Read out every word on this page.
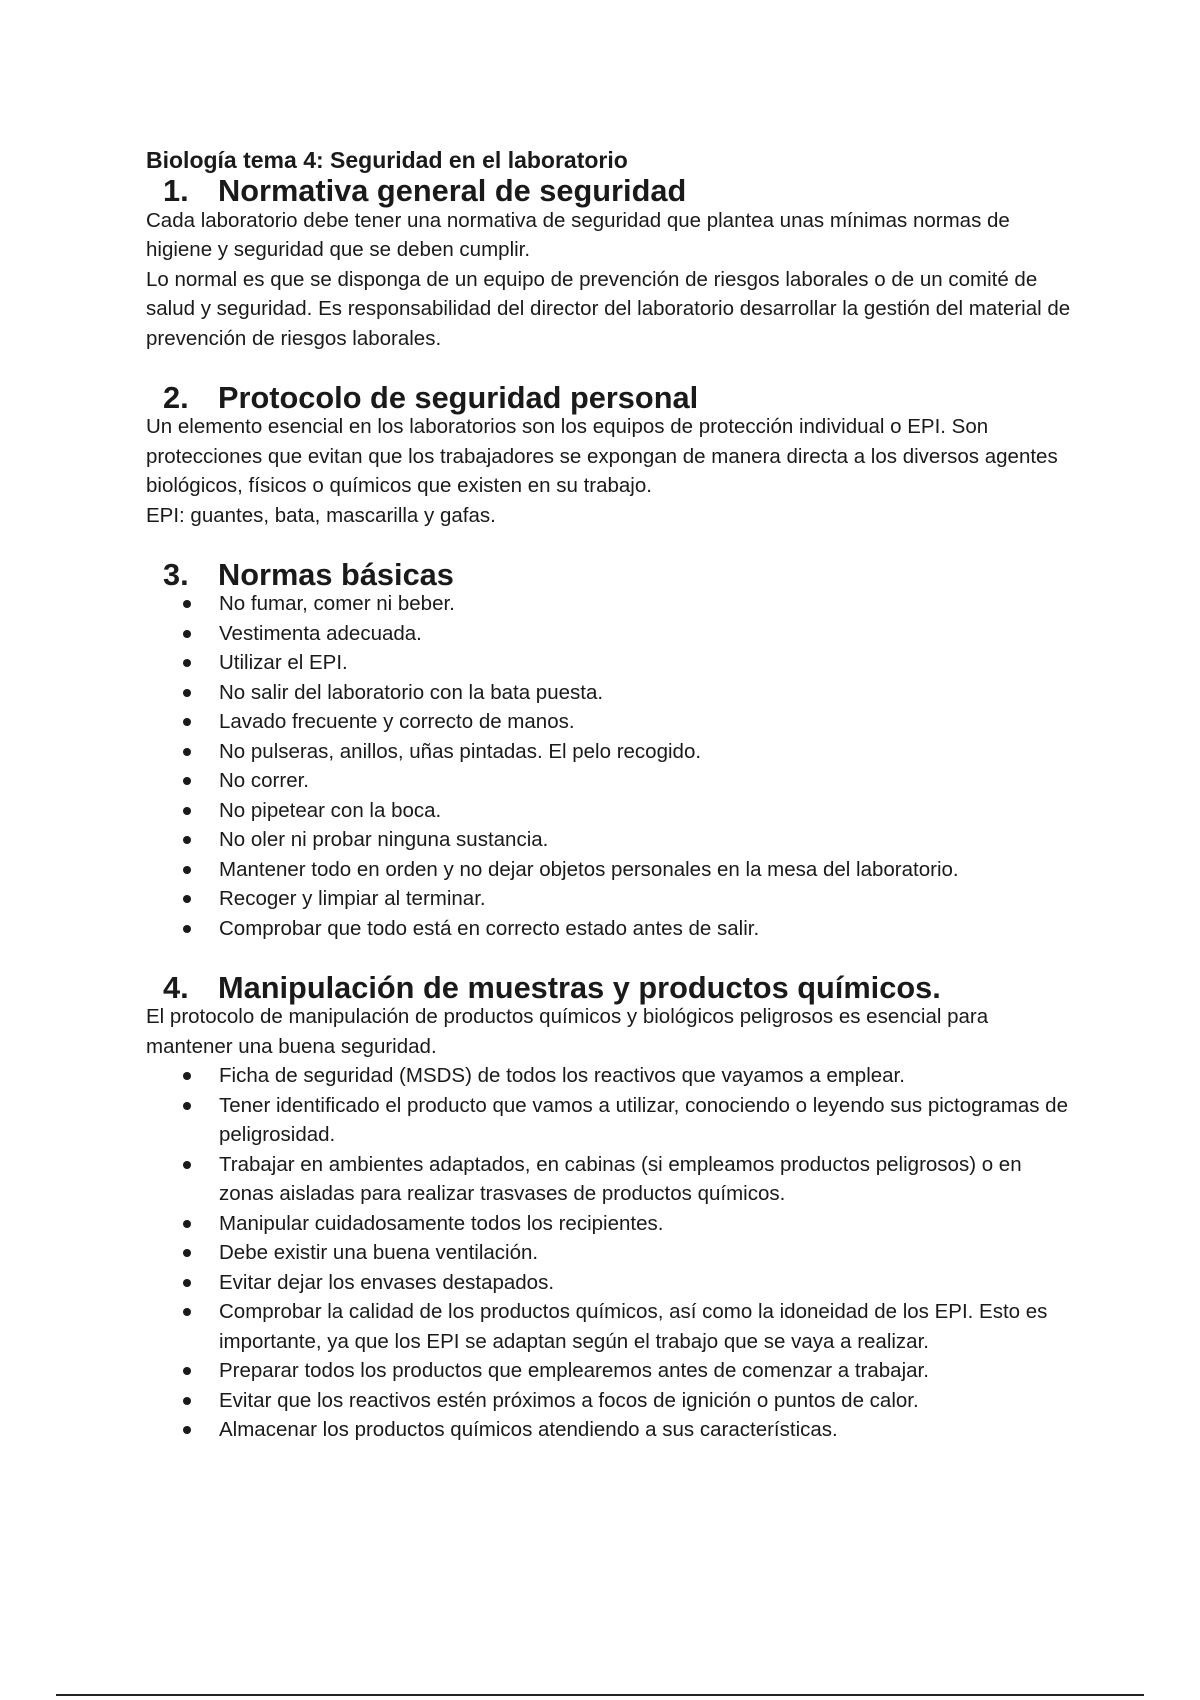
Biología tema 4: Seguridad en el laboratorio
1. Normativa general de seguridad

Cada laboratorio debe tener una normativa de seguridad que plantea unas mínimas normas de higiene y seguridad que se deben cumplir.

Lo normal es que se disponga de un equipo de prevención de riesgos laborales o de un comité de salud y seguridad. Es responsabilidad del director del laboratorio desarrollar la gestión del material de prevención de riesgos laborales.

2. Protocolo de seguridad personal

Un elemento esencial en los laboratorios son los equipos de protección individual o EPI. Son protecciones que evitan que los trabajadores se expongan de manera directa a los diversos agentes biológicos, físicos o químicos que existen en su trabajo.

EPI: guantes, bata, mascarilla y gafas.

3. Normas básicas
No fumar, comer ni beber.
Vestimenta adecuada.
Utilizar el EPI.
No salir del laboratorio con la bata puesta.
Lavado frecuente y correcto de manos.
No pulseras, anillos, uñas pintadas. El pelo recogido.
No correr.
No pipetear con la boca.
No oler ni probar ninguna sustancia.
Mantener todo en orden y no dejar objetos personales en la mesa del laboratorio.
Recoger y limpiar al terminar.
Comprobar que todo está en correcto estado antes de salir.
4. Manipulación de muestras y productos químicos.

El protocolo de manipulación de productos químicos y biológicos peligrosos es esencial para mantener una buena seguridad.

Ficha de seguridad (MSDS) de todos los reactivos que vayamos a emplear.
Tener identificado el producto que vamos a utilizar, conociendo o leyendo sus pictogramas de peligrosidad.
Trabajar en ambientes adaptados, en cabinas (si empleamos productos peligrosos) o en zonas aisladas para realizar trasvases de productos químicos.
Manipular cuidadosamente todos los recipientes.
Debe existir una buena ventilación.
Evitar dejar los envases destapados.
Comprobar la calidad de los productos químicos, así como la idoneidad de los EPI. Esto es importante, ya que los EPI se adaptan según el trabajo que se vaya a realizar.
Preparar todos los productos que emplearemos antes de comenzar a trabajar.
Evitar que los reactivos estén próximos a focos de ignición o puntos de calor.
Almacenar los productos químicos atendiendo a sus características.
